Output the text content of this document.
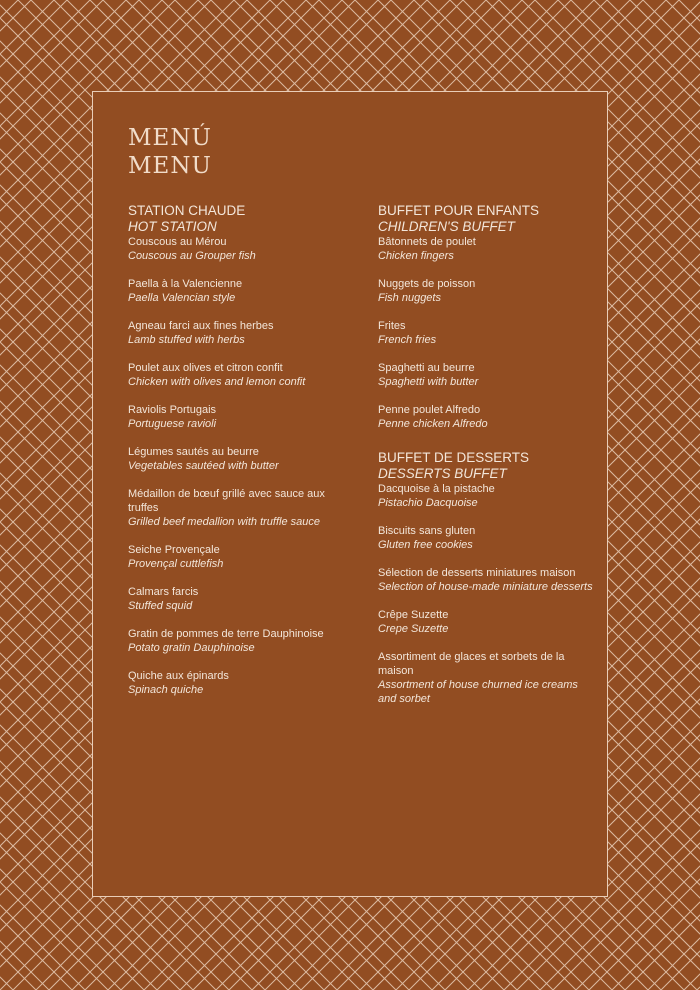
MENÚ
MENU
STATION CHAUDE
HOT STATION
Couscous au Mérou
Couscous au Grouper fish
Paella à la Valencienne
Paella Valencian style
Agneau farci aux fines herbes
Lamb stuffed with herbs
Poulet aux olives et citron confit
Chicken with olives and lemon confit
Raviolis Portugais
Portuguese ravioli
Légumes sautés au beurre
Vegetables sautéed with butter
Médaillon de bœuf grillé avec sauce aux truffes
Grilled beef medallion with truffle sauce
Seiche Provençale
Provençal cuttlefish
Calmars farcis
Stuffed squid
Gratin de pommes de terre Dauphinoise
Potato gratin Dauphinoise
Quiche aux épinards
Spinach quiche
BUFFET POUR ENFANTS
CHILDREN'S BUFFET
Bâtonnets de poulet
Chicken fingers
Nuggets de poisson
Fish nuggets
Frites
French fries
Spaghetti au beurre
Spaghetti with butter
Penne poulet Alfredo
Penne chicken Alfredo
BUFFET DE DESSERTS
DESSERTS BUFFET
Dacquoise à la pistache
Pistachio Dacquoise
Biscuits sans gluten
Gluten free cookies
Sélection de desserts miniatures maison
Selection of house-made miniature desserts
Crêpe Suzette
Crepe Suzette
Assortiment de glaces et sorbets de la maison
Assortment of house churned ice creams and sorbet
